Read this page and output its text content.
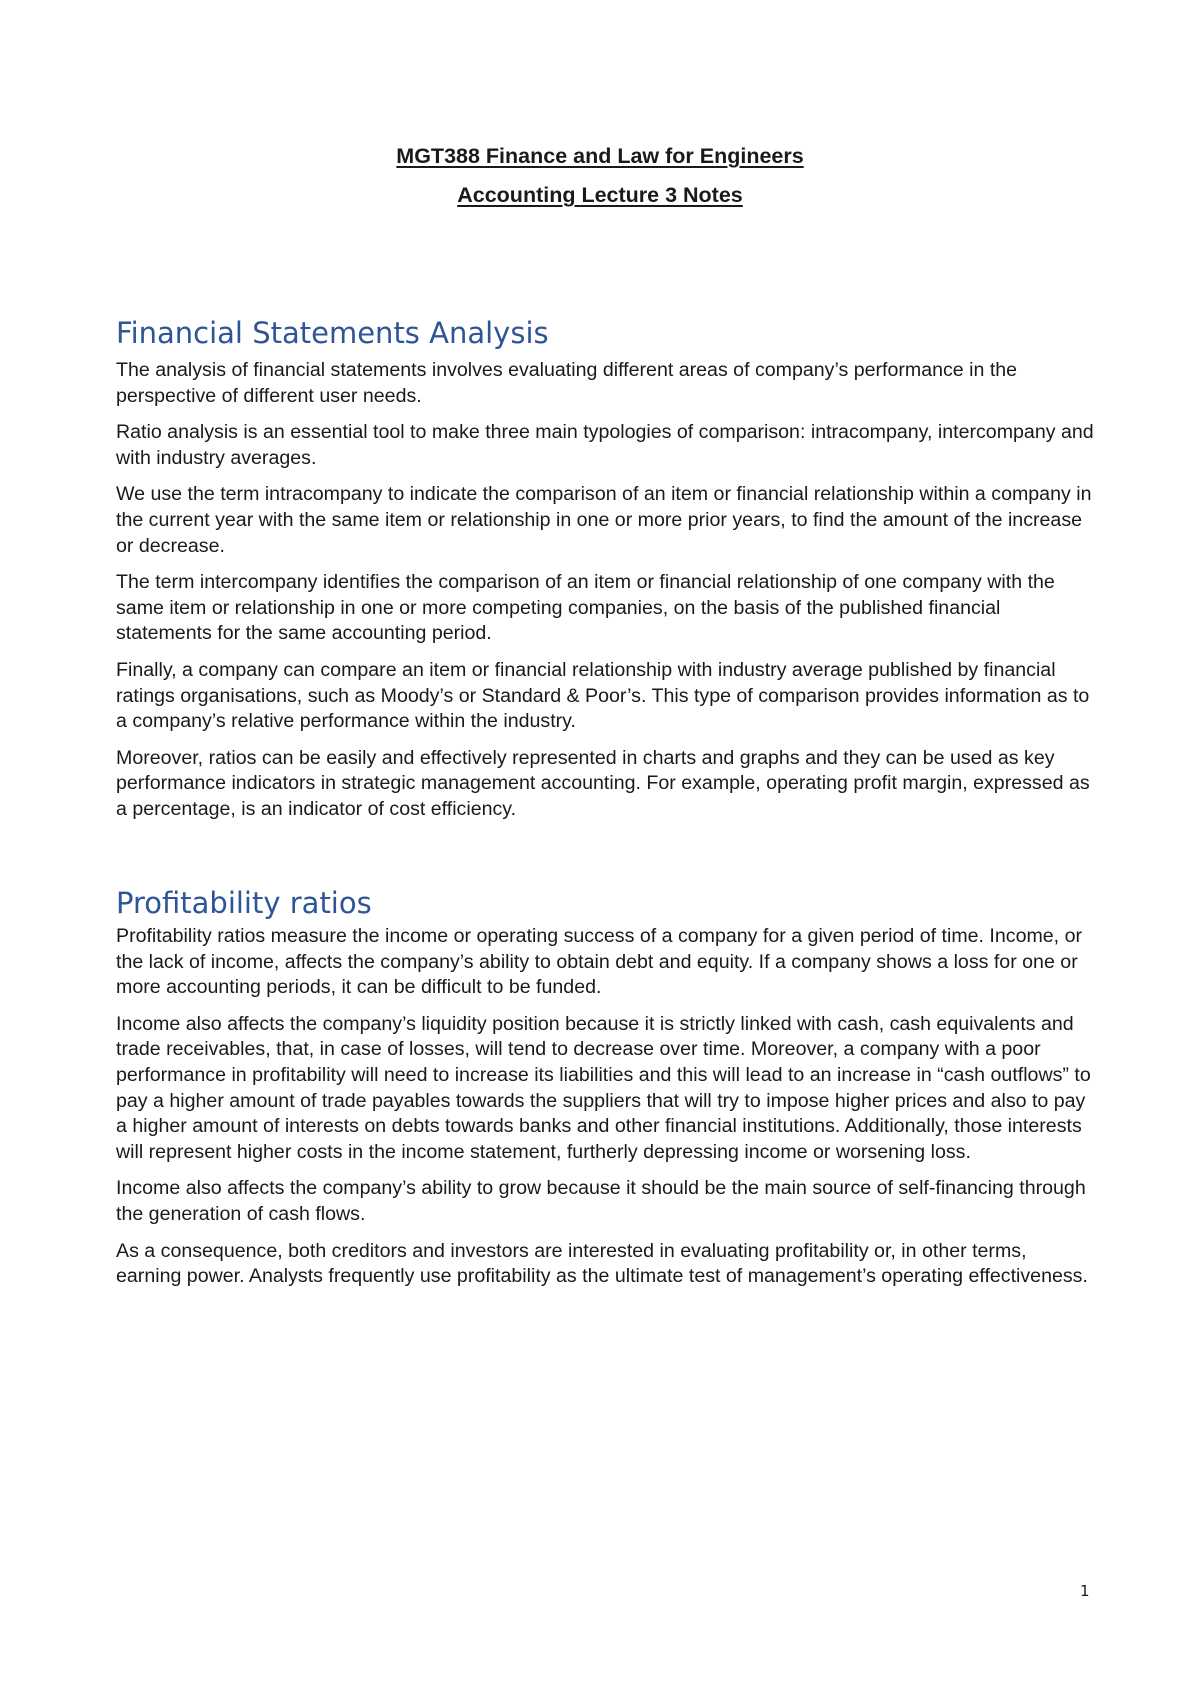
MGT388 Finance and Law for Engineers

Accounting Lecture 3 Notes

Financial Statements Analysis

The analysis of financial statements involves evaluating different areas of company’s performance in the perspective of different user needs.

Ratio analysis is an essential tool to make three main typologies of comparison: intracompany, intercompany and with industry averages.

We use the term intracompany to indicate the comparison of an item or financial relationship within a company in the current year with the same item or relationship in one or more prior years, to find the amount of the increase or decrease.

The term intercompany identifies the comparison of an item or financial relationship of one company with the same item or relationship in one or more competing companies, on the basis of the published financial statements for the same accounting period.

Finally, a company can compare an item or financial relationship with industry average published by financial ratings organisations, such as Moody’s or Standard & Poor’s. This type of comparison provides information as to a company’s relative performance within the industry.

Moreover, ratios can be easily and effectively represented in charts and graphs and they can be used as key performance indicators in strategic management accounting. For example, operating profit margin, expressed as a percentage, is an indicator of cost efficiency.

Profitability ratios

Profitability ratios measure the income or operating success of a company for a given period of time. Income, or the lack of income, affects the company’s ability to obtain debt and equity. If a company shows a loss for one or more accounting periods, it can be difficult to be funded.

Income also affects the company’s liquidity position because it is strictly linked with cash, cash equivalents and trade receivables, that, in case of losses, will tend to decrease over time. Moreover, a company with a poor performance in profitability will need to increase its liabilities and this will lead to an increase in “cash outflows” to pay a higher amount of trade payables towards the suppliers that will try to impose higher prices and also to pay a higher amount of interests on debts towards banks and other financial institutions. Additionally, those interests will represent higher costs in the income statement, furtherly depressing income or worsening loss.

Income also affects the company’s ability to grow because it should be the main source of self-financing through the generation of cash flows.

As a consequence, both creditors and investors are interested in evaluating profitability or, in other terms, earning power. Analysts frequently use profitability as the ultimate test of management’s operating effectiveness.

1
